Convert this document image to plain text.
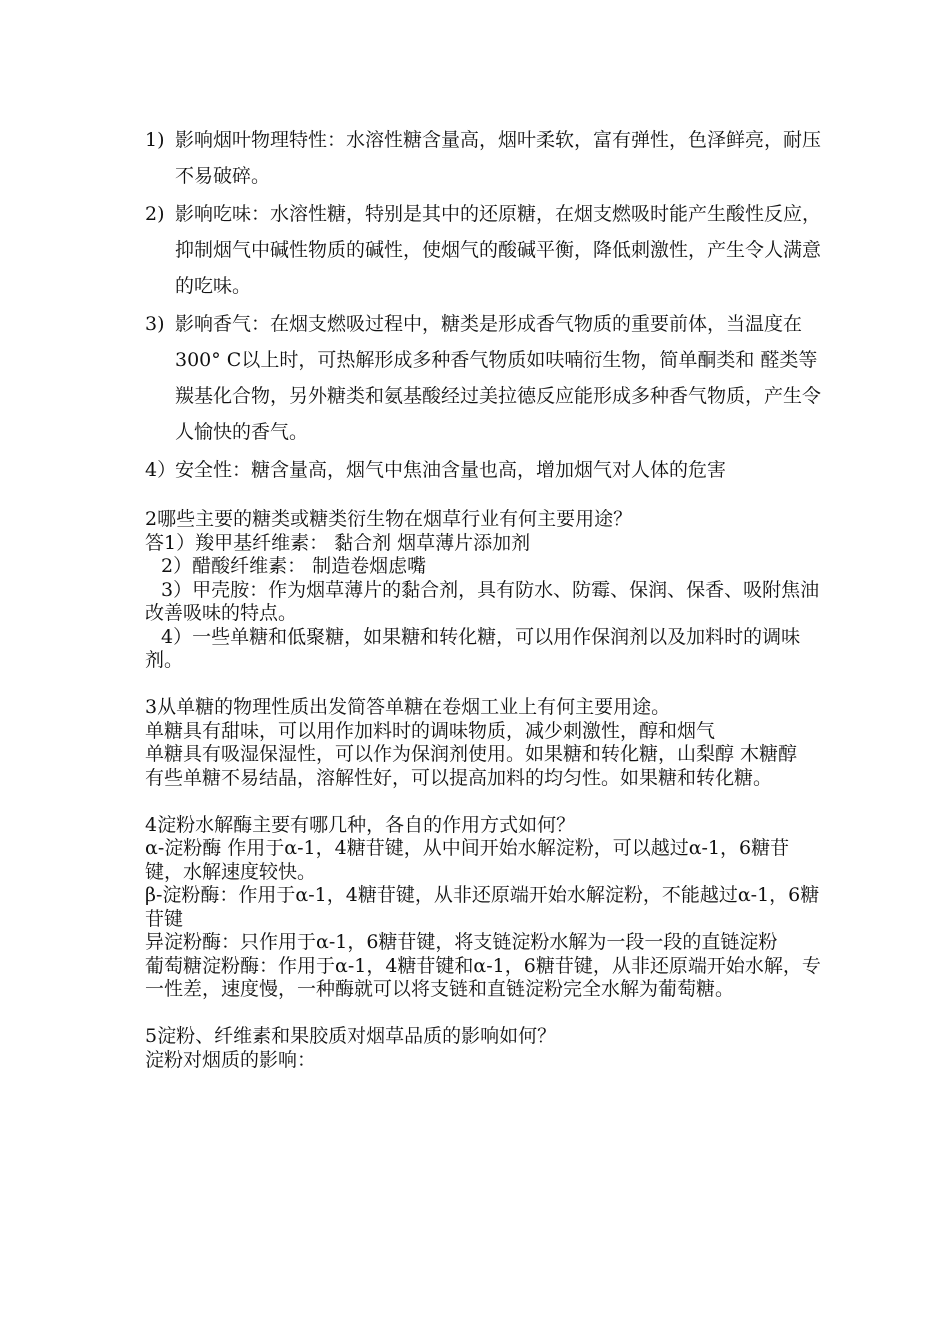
1) 影响烟叶物理特性：水溶性糖含量高，烟叶柔软，富有弹性，色泽鲜亮，耐压不易破碎。
2) 影响吃味：水溶性糖，特别是其中的还原糖，在烟支燃吸时能产生酸性反应，抑制烟气中碱性物质的碱性，使烟气的酸碱平衡，降低刺激性，产生令人满意的吃味。
3) 影响香气：在烟支燃吸过程中，糖类是形成香气物质的重要前体，当温度在300° C以上时，可热解形成多种香气物质如呋喃衍生物，简单酮类和 醛类等羰基化合物，另外糖类和氨基酸经过美拉德反应能形成多种香气物质，产生令人愉快的香气。
4）
安全性：糖含量高，烟气中焦油含量也高，增加烟气对人体的危害

2哪些主要的糖类或糖类衍生物在烟草行业有何主要用途？

答1）羧甲基纤维素： 黏合剂 烟草薄片添加剂

2）醋酸纤维素： 制造卷烟虑嘴

3）甲壳胺：作为烟草薄片的黏合剂，具有防水、防霉、保润、保香、吸附焦油改善吸味的特点。

4）一些单糖和低聚糖，如果糖和转化糖，可以用作保润剂以及加料时的调味剂。

3从单糖的物理性质出发简答单糖在卷烟工业上有何主要用途。

单糖具有甜味，可以用作加料时的调味物质，减少刺激性，醇和烟气

单糖具有吸湿保湿性，可以作为保润剂使用。如果糖和转化糖，山梨醇 木糖醇

有些单糖不易结晶，溶解性好，可以提高加料的均匀性。如果糖和转化糖。

4淀粉水解酶主要有哪几种，各自的作用方式如何？

α-淀粉酶 作用于α-1，4糖苷键，从中间开始水解淀粉，可以越过α-1，6糖苷键，水解速度较快。

β-淀粉酶：作用于α-1，4糖苷键，从非还原端开始水解淀粉，不能越过α-1，6糖苷键

异淀粉酶：只作用于α-1，6糖苷键，将支链淀粉水解为一段一段的直链淀粉

葡萄糖淀粉酶：作用于α-1，4糖苷键和α-1，6糖苷键，从非还原端开始水解，专一性差，速度慢，一种酶就可以将支链和直链淀粉完全水解为葡萄糖。

5淀粉、纤维素和果胶质对烟草品质的影响如何？

淀粉对烟质的影响：
